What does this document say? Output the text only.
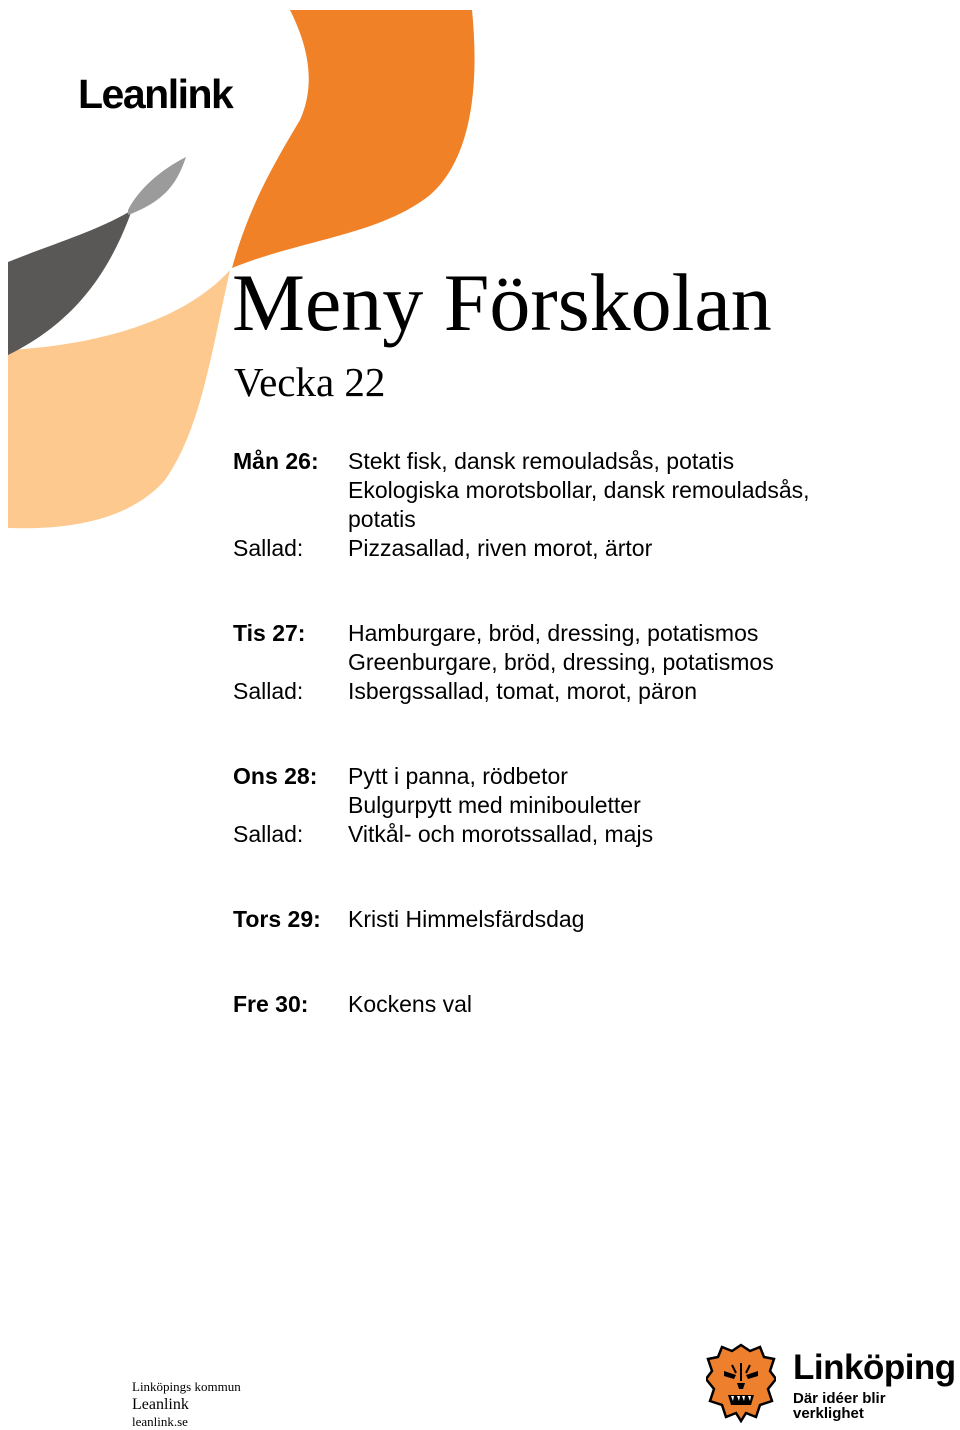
Leanlink
Meny Förskolan
Vecka 22
Mån 26:	Stekt fisk, dansk remouladsås, potatis
Ekologiska morotsbollar, dansk remouladsås,
potatis
Sallad:	Pizzasallad, riven morot, ärtor
Tis 27:	Hamburgare, bröd, dressing, potatismos
Greenburgare, bröd, dressing, potatismos
Sallad:	Isbergssallad, tomat, morot, päron
Ons 28:	Pytt i panna, rödbetor
Bulgurpytt med minibouletter
Sallad:	Vitkål- och morotssallad, majs
Tors 29:	Kristi Himmelsfärdsdag
Fre 30:	Kockens val
Linköpings kommun
Leanlink
leanlink.se
Linköping
Där idéer blir verklighet
